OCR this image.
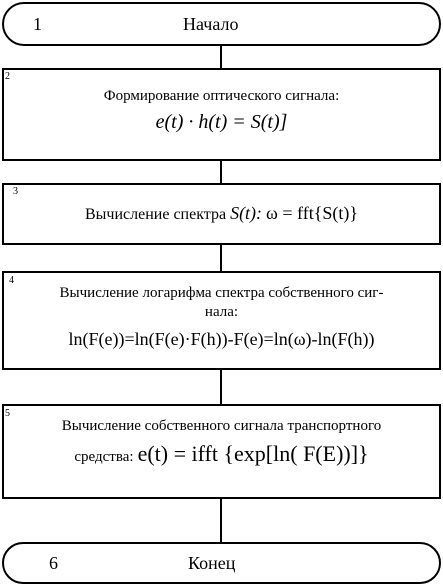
1	Начало
2
Формирование оптического сигнала:
e(t) · h(t) = S(t)]
3
Вычисление спектра S(t): ω = fft{S(t)}
4
Вычисление логарифма спектра собственного сиг-
нала:
ln(F(e))=ln(F(e)·F(h))-F(e)=ln(ω)-ln(F(h))
5
Вычисление собственного сигнала транспортного
средства: e(t) = ifft {exp[ln( F(E))]}
6	Конец
